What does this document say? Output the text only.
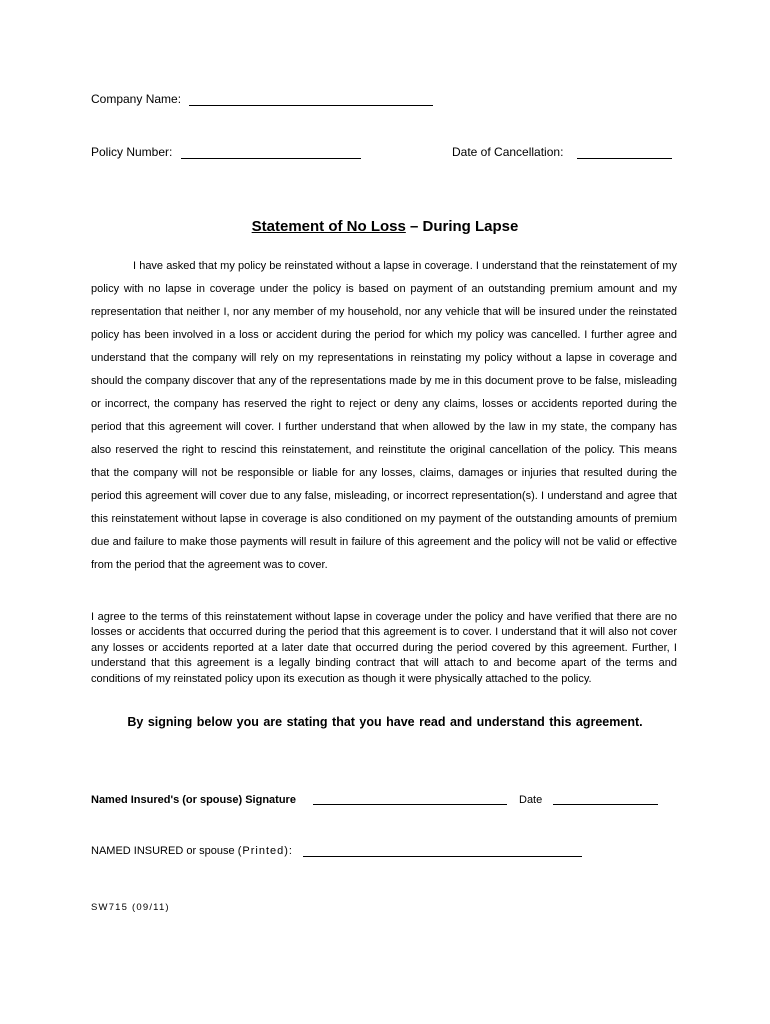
Company Name:
Policy Number:	Date of Cancellation:
Statement of No Loss – During Lapse

I have asked that my policy be reinstated without a lapse in coverage. I understand that the reinstatement of my policy with no lapse in coverage under the policy is based on payment of an outstanding premium amount and my representation that neither I, nor any member of my household, nor any vehicle that will be insured under the reinstated policy has been involved in a loss or accident during the period for which my policy was cancelled. I further agree and understand that the company will rely on my representations in reinstating my policy without a lapse in coverage and should the company discover that any of the representations made by me in this document prove to be false, misleading or incorrect, the company has reserved the right to reject or deny any claims, losses or accidents reported during the period that this agreement will cover. I further understand that when allowed by the law in my state, the company has also reserved the right to rescind this reinstatement, and reinstitute the original cancellation of the policy. This means that the company will not be responsible or liable for any losses, claims, damages or injuries that resulted during the period this agreement will cover due to any false, misleading, or incorrect representation(s). I understand and agree that this reinstatement without lapse in coverage is also conditioned on my payment of the outstanding amounts of premium due and failure to make those payments will result in failure of this agreement and the policy will not be valid or effective from the period that the agreement was to cover.

I agree to the terms of this reinstatement without lapse in coverage under the policy and have verified that there are no losses or accidents that occurred during the period that this agreement is to cover. I understand that it will also not cover any losses or accidents reported at a later date that occurred during the period covered by this agreement. Further, I understand that this agreement is a legally binding contract that will attach to and become apart of the terms and conditions of my reinstated policy upon its execution as though it were physically attached to the policy.

By signing below you are stating that you have read and understand this agreement.
Named Insured's (or spouse) Signature	Date
NAMED INSURED or spouse (Printed):
SW715 (09/11)
